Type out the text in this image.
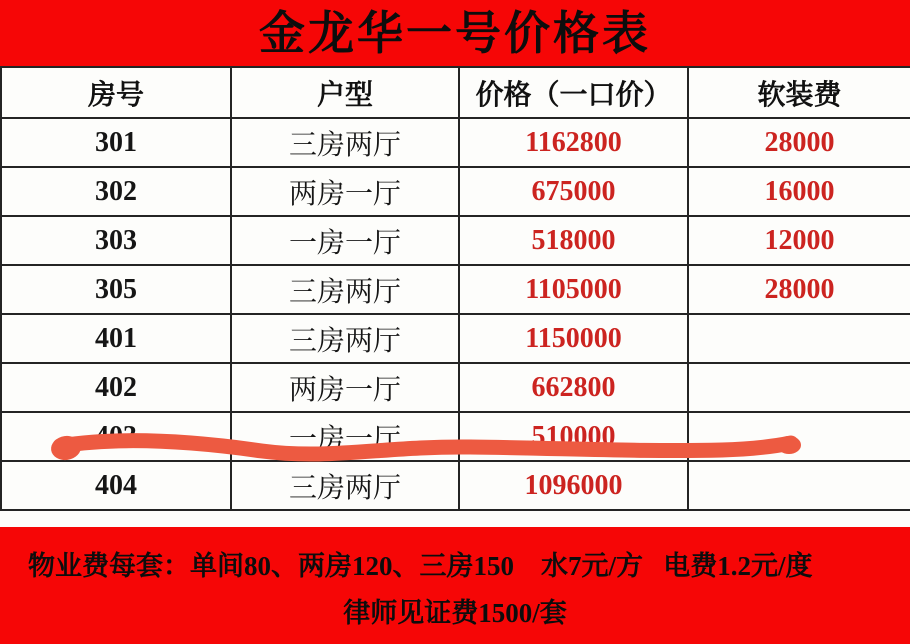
金龙华一号价格表
房号	户型	价格（一口价）	软装费
301	三房两厅	1162800	28000
302	两房一厅	675000	16000
303	一房一厅	518000	12000
305	三房两厅	1105000	28000
401	三房两厅	1150000	
402	两房一厅	662800	
403	一房一厅	510000	
404	三房两厅	1096000	
物业费每套：单间80、两房120、三房150    水7元/方   电费1.2元/度
律师见证费1500/套
